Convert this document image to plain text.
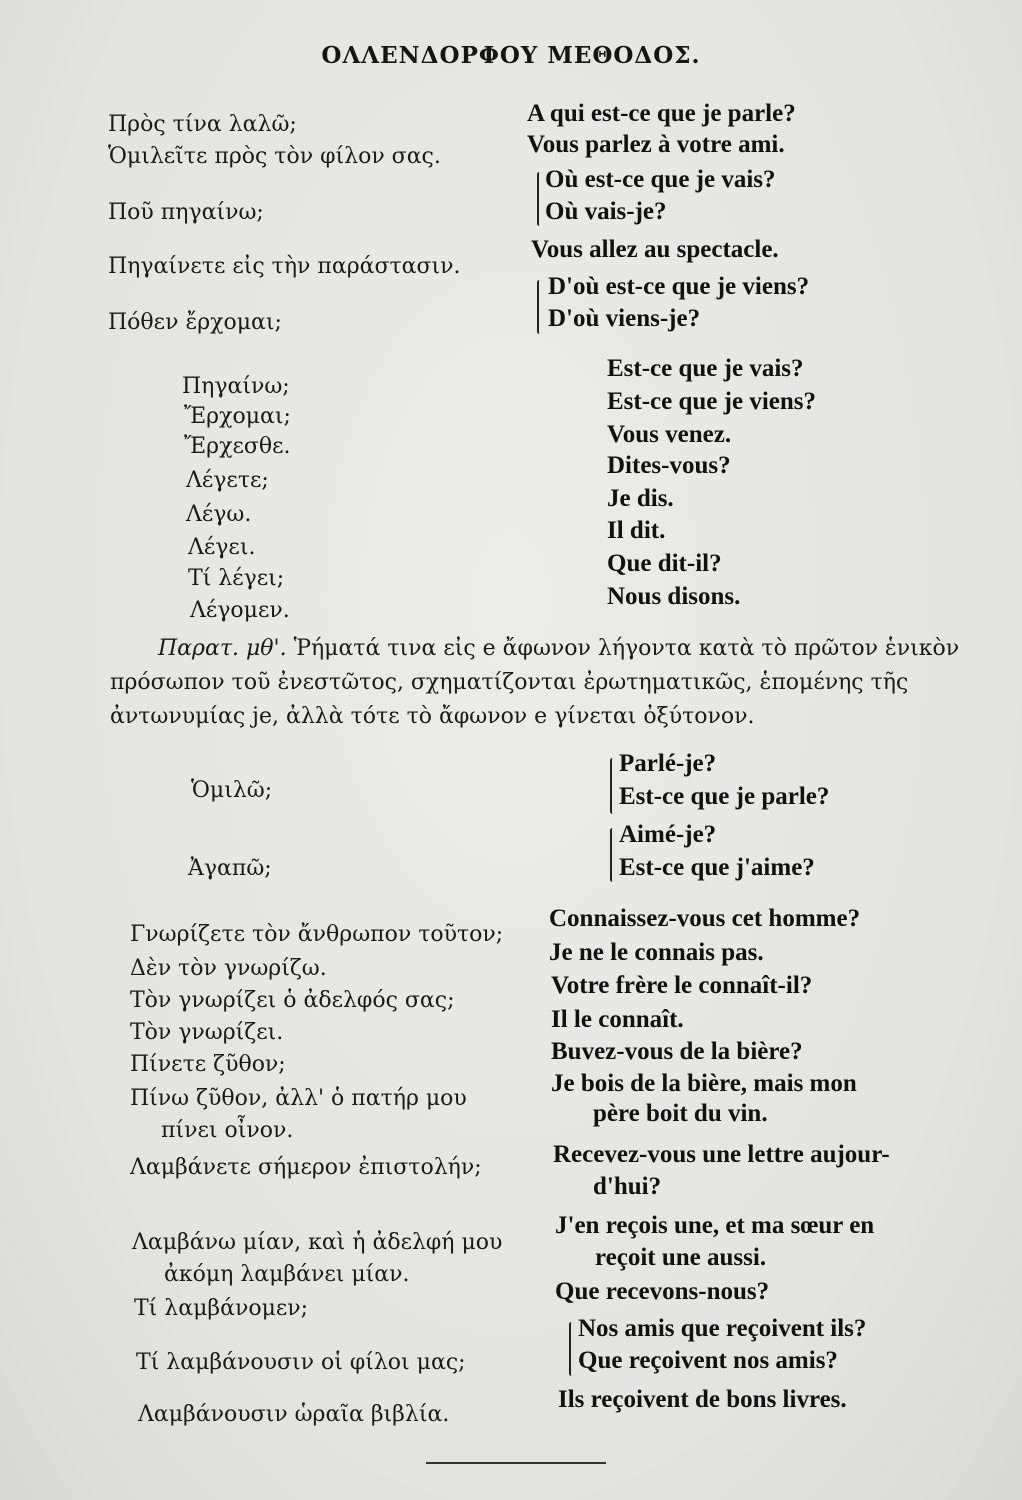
ΟΛΛΕΝΔΟΡΦΟΥ ΜΕΘΟΔΟΣ.
Πρὸς τίνα λαλῶ;
Ὁμιλεῖτε πρὸς τὸν φίλον σας.
Ποῦ πηγαίνω;
Πηγαίνετε εἰς τὴν παράστασιν.
Πόθεν ἔρχομαι;
A qui est-ce que je parle?
Vous parlez à votre ami.
Où est-ce que je vais?
Où vais-je?
Vous allez au spectacle.
D'où est-ce que je viens?
D'où viens-je?
Πηγαίνω;
Ἔρχομαι;
Ἔρχεσθε.
Λέγετε;
Λέγω.
Λέγει.
Τί λέγει;
Λέγομεν.
Est-ce que je vais?
Est-ce que je viens?
Vous venez.
Dites-vous?
Je dis.
Il dit.
Que dit-il?
Nous disons.
Παρατ. μθ'. Ῥήματά τινα εἰς e ἄφωνον λήγοντα κατὰ τὸ πρῶτον ἑνικὸν πρόσωπον τοῦ ἐνεστῶτος, σχηματίζονται ἐρωτηματικῶς, ἑπομένης τῆς ἀντωνυμίας je, ἀλλὰ τότε τὸ ἄφωνον e γίνεται ὀξύτονον.
Ὁμιλῶ;
Ἀγαπῶ;
Parlé-je?
Est-ce que je parle?
Aimé-je?
Est-ce que j'aime?
Γνωρίζετε τὸν ἄνθρωπον τοῦτον;
Δὲν τὸν γνωρίζω.
Τὸν γνωρίζει ὁ ἀδελφός σας;
Τὸν γνωρίζει.
Πίνετε ζῦθον;
Πίνω ζῦθον, ἀλλ' ὁ πατήρ μου
πίνει οἶνον.
Λαμβάνετε σήμερον ἐπιστολήν;
Λαμβάνω μίαν, καὶ ἡ ἀδελφή μου
ἀκόμη λαμβάνει μίαν.
Τί λαμβάνομεν;
Τί λαμβάνουσιν οἱ φίλοι μας;
Λαμβάνουσιν ὡραῖα βιβλία.
Connaissez-vous cet homme?
Je ne le connais pas.
Votre frère le connaît-il?
Il le connaît.
Buvez-vous de la bière?
Je bois de la bière, mais mon
père boit du vin.
Recevez-vous une lettre aujour-
d'hui?
J'en reçois une, et ma sœur en
reçoit une aussi.
Que recevons-nous?
Nos amis que reçoivent ils?
Que reçoivent nos amis?
Ils reçoivent de bons livres.
